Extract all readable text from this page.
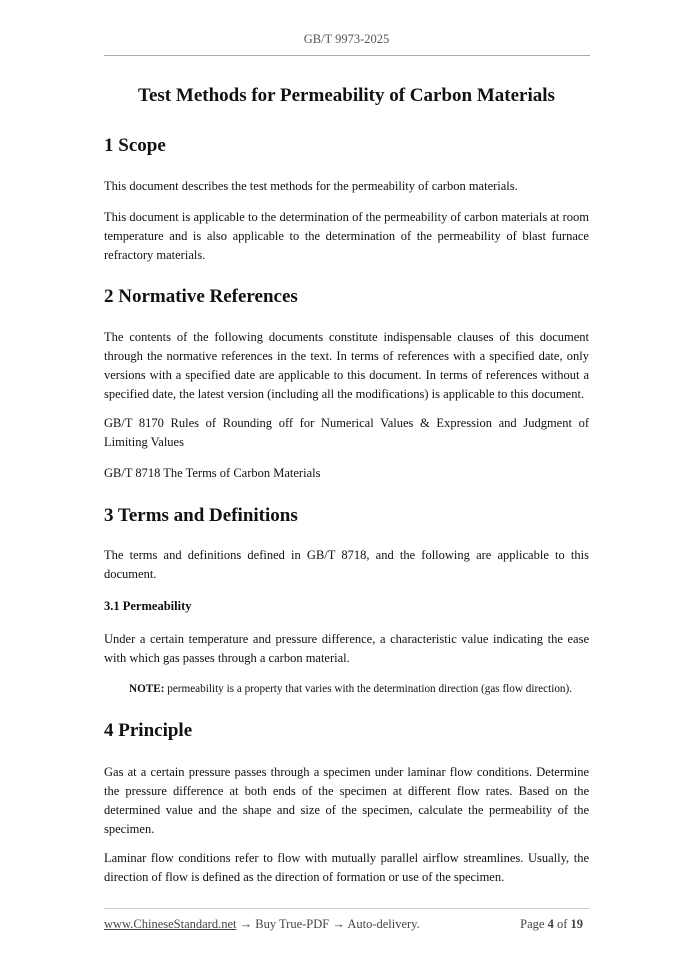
GB/T 9973-2025
Test Methods for Permeability of Carbon Materials
1 Scope
This document describes the test methods for the permeability of carbon materials.
This document is applicable to the determination of the permeability of carbon materials at room temperature and is also applicable to the determination of the permeability of blast furnace refractory materials.
2 Normative References
The contents of the following documents constitute indispensable clauses of this document through the normative references in the text. In terms of references with a specified date, only versions with a specified date are applicable to this document. In terms of references without a specified date, the latest version (including all the modifications) is applicable to this document.
GB/T 8170 Rules of Rounding off for Numerical Values & Expression and Judgment of Limiting Values
GB/T 8718 The Terms of Carbon Materials
3 Terms and Definitions
The terms and definitions defined in GB/T 8718, and the following are applicable to this document.
3.1 Permeability
Under a certain temperature and pressure difference, a characteristic value indicating the ease with which gas passes through a carbon material.
NOTE: permeability is a property that varies with the determination direction (gas flow direction).
4 Principle
Gas at a certain pressure passes through a specimen under laminar flow conditions. Determine the pressure difference at both ends of the specimen at different flow rates. Based on the determined value and the shape and size of the specimen, calculate the permeability of the specimen.
Laminar flow conditions refer to flow with mutually parallel airflow streamlines. Usually, the direction of flow is defined as the direction of formation or use of the specimen.
www.ChineseStandard.net → Buy True-PDF → Auto-delivery.	Page 4 of 19
